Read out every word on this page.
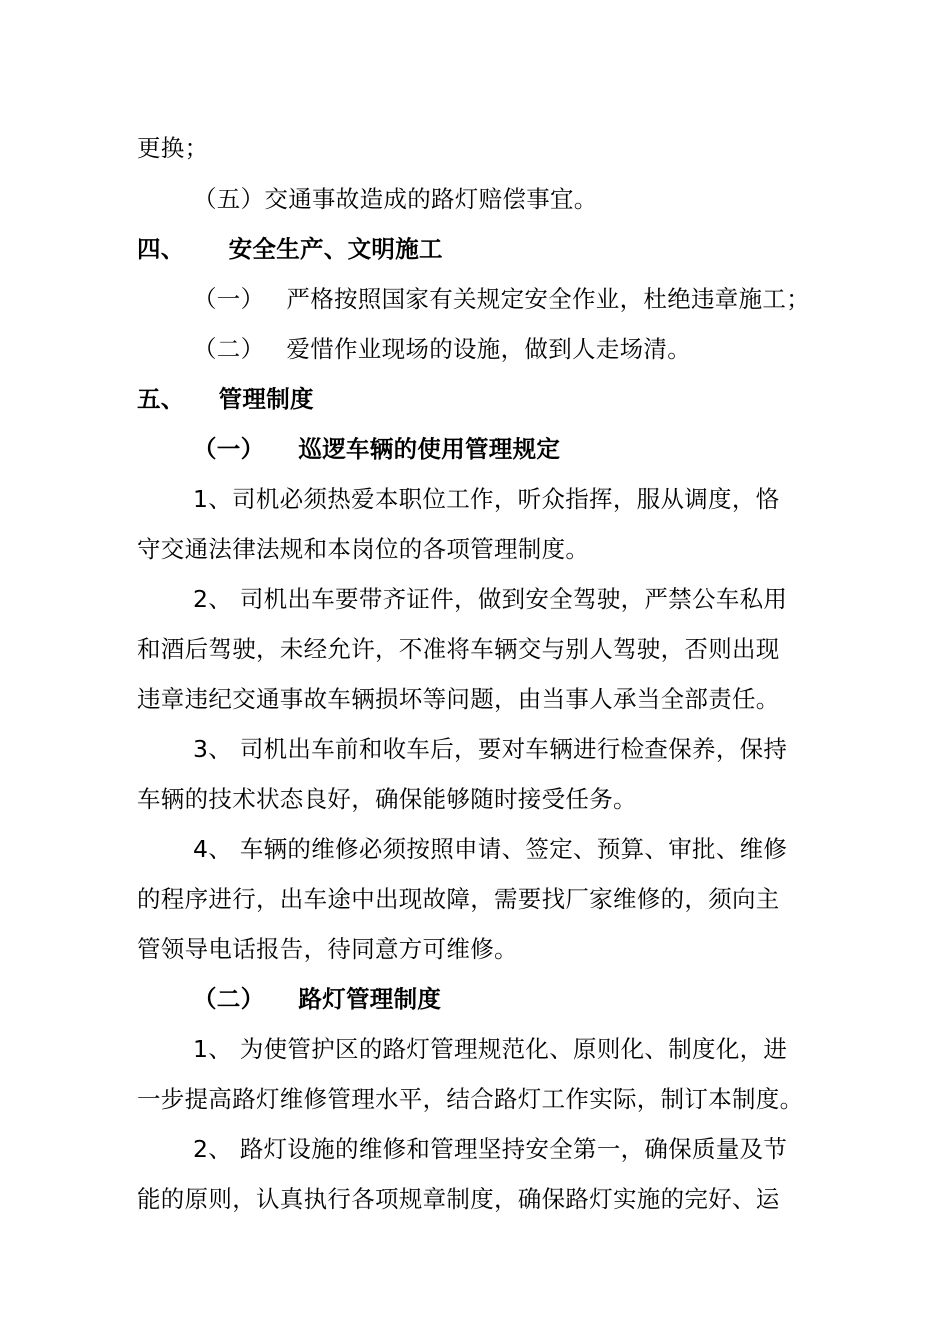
更换；
（五）交通事故造成的路灯赔偿事宜。
四、 安全生产、文明施工
（一） 严格按照国家有关规定安全作业，杜绝违章施工；
（二） 爱惜作业现场的设施，做到人走场清。
五、 管理制度
（一） 巡逻车辆的使用管理规定
1、司机必须热爱本职位工作，听众指挥，服从调度，恪
守交通法律法规和本岗位的各项管理制度。
2、 司机出车要带齐证件，做到安全驾驶，严禁公车私用
和酒后驾驶，未经允许，不准将车辆交与别人驾驶，否则出现
违章违纪交通事故车辆损坏等问题，由当事人承当全部责任。
3、 司机出车前和收车后，要对车辆进行检查保养，保持
车辆的技术状态良好，确保能够随时接受任务。
4、 车辆的维修必须按照申请、签定、预算、审批、维修
的程序进行，出车途中出现故障，需要找厂家维修的，须向主
管领导电话报告，待同意方可维修。
（二） 路灯管理制度
1、 为使管护区的路灯管理规范化、原则化、制度化，进
一步提高路灯维修管理水平，结合路灯工作实际，制订本制度。
2、 路灯设施的维修和管理坚持安全第一，确保质量及节
能的原则，认真执行各项规章制度，确保路灯实施的完好、运
